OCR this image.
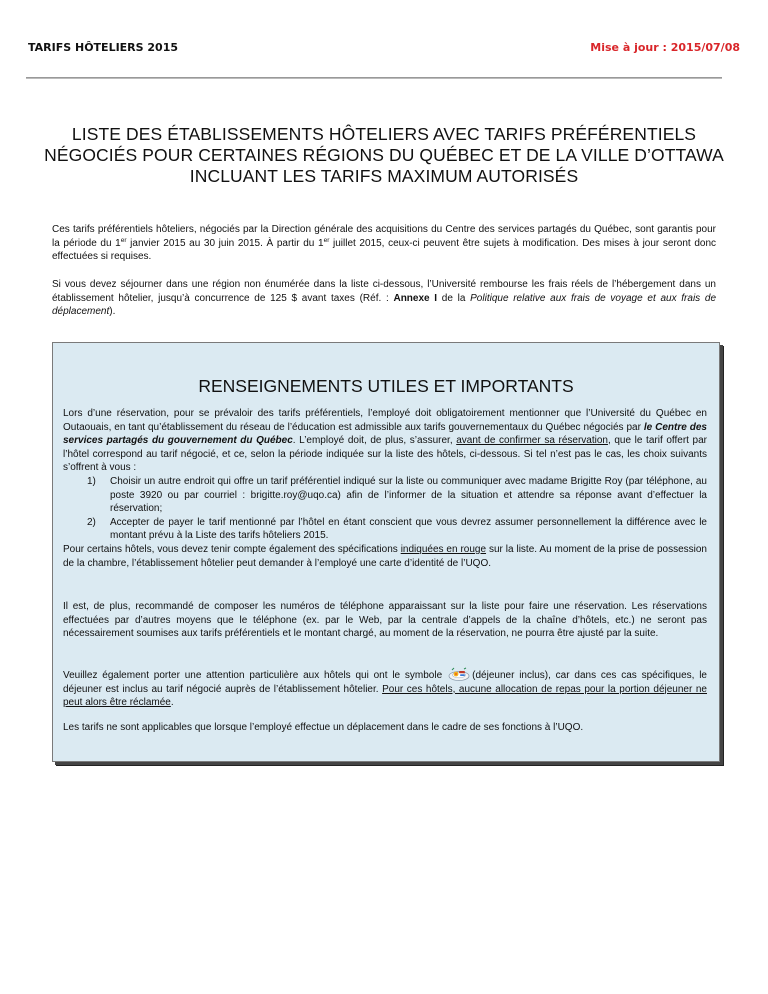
TARIFS HÔTELIERS 2015	Mise à jour : 2015/07/08
LISTE DES ÉTABLISSEMENTS HÔTELIERS AVEC TARIFS PRÉFÉRENTIELS NÉGOCIÉS POUR CERTAINES RÉGIONS DU QUÉBEC ET DE LA VILLE D’OTTAWA INCLUANT LES TARIFS MAXIMUM AUTORISÉS
Ces tarifs préférentiels hôteliers, négociés par la Direction générale des acquisitions du Centre des services partagés du Québec, sont garantis pour la période du 1er janvier 2015 au 30 juin 2015. À partir du 1er juillet 2015, ceux-ci peuvent être sujets à modification. Des mises à jour seront donc effectuées si requises.
Si vous devez séjourner dans une région non énumérée dans la liste ci-dessous, l’Université rembourse les frais réels de l’hébergement dans un établissement hôtelier, jusqu’à concurrence de 125 $ avant taxes (Réf. : Annexe I de la Politique relative aux frais de voyage et aux frais de déplacement).
RENSEIGNEMENTS UTILES ET IMPORTANTS
Lors d’une réservation, pour se prévaloir des tarifs préférentiels, l’employé doit obligatoirement mentionner que l’Université du Québec en Outaouais, en tant qu’établissement du réseau de l’éducation est admissible aux tarifs gouvernementaux du Québec négociés par le Centre des services partagés du gouvernement du Québec. L’employé doit, de plus, s’assurer, avant de confirmer sa réservation, que le tarif offert par l’hôtel correspond au tarif négocié, et ce, selon la période indiquée sur la liste des hôtels, ci-dessous. Si tel n’est pas le cas, les choix suivants s’offrent à vous :
1) Choisir un autre endroit qui offre un tarif préférentiel indiqué sur la liste ou communiquer avec madame Brigitte Roy (par téléphone, au poste 3920 ou par courriel : brigitte.roy@uqo.ca) afin de l’informer de la situation et attendre sa réponse avant d’effectuer la réservation;
2) Accepter de payer le tarif mentionné par l’hôtel en étant conscient que vous devrez assumer personnellement la différence avec le montant prévu à la Liste des tarifs hôteliers 2015.
Pour certains hôtels, vous devez tenir compte également des spécifications indiquées en rouge sur la liste. Au moment de la prise de possession de la chambre, l’établissement hôtelier peut demander à l’employé une carte d’identité de l’UQO.
Il est, de plus, recommandé de composer les numéros de téléphone apparaissant sur la liste pour faire une réservation. Les réservations effectuées par d’autres moyens que le téléphone (ex. par le Web, par la centrale d’appels de la chaîne d’hôtels, etc.) ne seront pas nécessairement soumises aux tarifs préférentiels et le montant chargé, au moment de la réservation, ne pourra être ajusté par la suite.
Veuillez également porter une attention particulière aux hôtels qui ont le symbole	(déjeuner inclus), car dans ces cas spécifiques, le déjeuner est inclus au tarif négocié auprès de l’établissement hôtelier. Pour ces hôtels, aucune allocation de repas pour la portion déjeuner ne peut alors être réclamée.
Les tarifs ne sont applicables que lorsque l’employé effectue un déplacement dans le cadre de ses fonctions à l’UQO.
